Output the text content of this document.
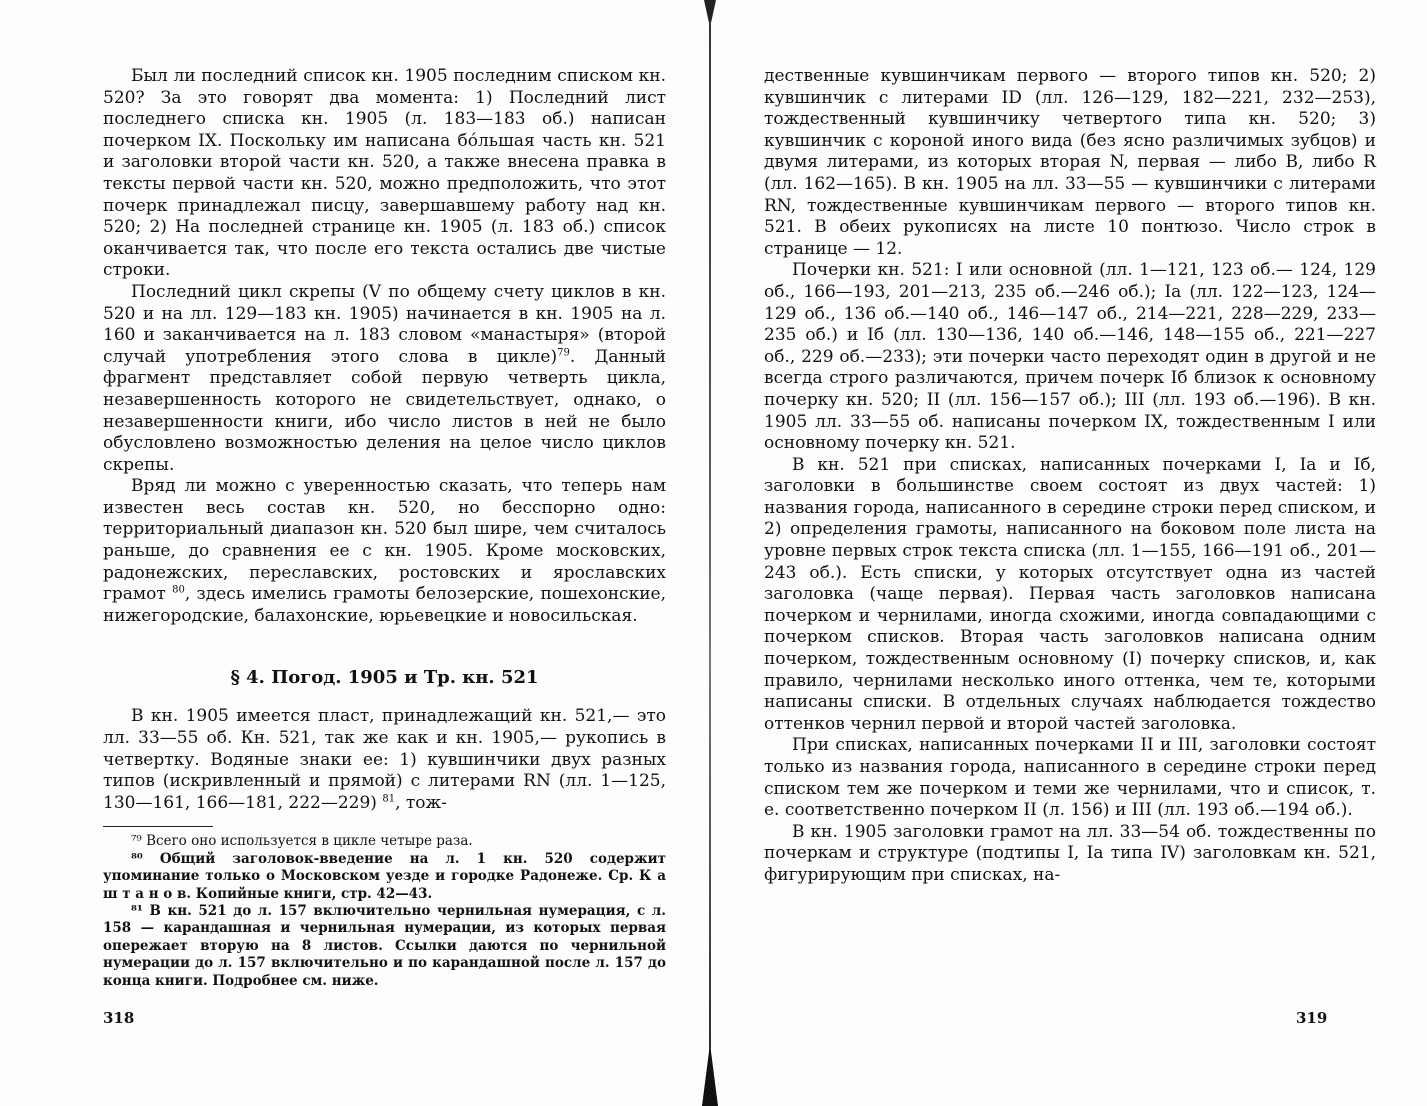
Был ли последний список кн. 1905 последним списком кн. 520? За это говорят два момента: 1) Последний лист последнего списка кн. 1905 (л. 183—183 об.) написан почерком IX. Поскольку им написана бо́льшая часть кн. 521 и заголовки второй части кн. 520, а также внесена правка в тексты первой части кн. 520, можно предположить, что этот почерк принадлежал писцу, завершавшему работу над кн. 520; 2) На последней странице кн. 1905 (л. 183 об.) список оканчивается так, что после его текста остались две чистые строки.

Последний цикл скрепы (V по общему счету циклов в кн. 520 и на лл. 129—183 кн. 1905) начинается в кн. 1905 на л. 160 и заканчивается на л. 183 словом «манастыря» (второй случай употребления этого слова в цикле)$^{79}$. Данный фрагмент представляет собой первую четверть цикла, незавершенность которого не свидетельствует, однако, о незавершенности книги, ибо число листов в ней не было обусловлено возможностью деления на целое число циклов скрепы.

Вряд ли можно с уверенностью сказать, что теперь нам известен весь состав кн. 520, но бесспорно одно: территориальный диапазон кн. 520 был шире, чем считалось раньше, до сравнения ее с кн. 1905. Кроме московских, радонежских, переславских, ростовских и ярославских грамот $^{80}$, здесь имелись грамоты белозерские, пошехонские, нижегородские, балахонские, юрьевецкие и новосильская.

§ 4. Погод. 1905 и Тр. кн. 521

В кн. 1905 имеется пласт, принадлежащий кн. 521,— это лл. 33—55 об. Кн. 521, так же как и кн. 1905,— рукопись в четвертку. Водяные знаки ее: 1) кувшинчики двух разных типов (искривленный и прямой) с литерами RN (лл. 1—125, 130—161, 166—181, 222—229) $^{81}$, тож-

⁷⁹ Всего оно используется в цикле четыре раза.

⁸⁰ Общий заголовок-введение на л. 1 кн. 520 содержит упоминание только о Московском уезде и городке Радонеже. Ср. К а ш т а н о в. Копийные книги, стр. 42—43.

⁸¹ В кн. 521 до л. 157 включительно чернильная нумерация, с л. 158 — карандашная и чернильная нумерации, из которых первая опережает вторую на 8 листов. Ссылки даются по чернильной нумерации до л. 157 включительно и по карандашной после л. 157 до конца книги. Подробнее см. ниже.

318

дественные кувшинчикам первого — второго типов кн. 520; 2) кувшинчик с литерами ID (лл. 126—129, 182—221, 232—253), тождественный кувшинчику четвертого типа кн. 520; 3) кувшинчик с короной иного вида (без ясно различимых зубцов) и двумя литерами, из которых вторая N, первая — либо B, либо R (лл. 162—165). В кн. 1905 на лл. 33—55 — кувшинчики с литерами RN, тождественные кувшинчикам первого — второго типов кн. 521. В обеих рукописях на листе 10 понтюзо. Число строк в странице — 12.

Почерки кн. 521: I или основной (лл. 1—121, 123 об.— 124, 129 об., 166—193, 201—213, 235 об.—246 об.); Iа (лл. 122—123, 124—129 об., 136 об.—140 об., 146—147 об., 214—221, 228—229, 233—235 об.) и Iб (лл. 130—136, 140 об.—146, 148—155 об., 221—227 об., 229 об.—233); эти почерки часто переходят один в другой и не всегда строго различаются, причем почерк Iб близок к основному почерку кн. 520; II (лл. 156—157 об.); III (лл. 193 об.—196). В кн. 1905 лл. 33—55 об. написаны почерком IX, тождественным I или основному почерку кн. 521.

В кн. 521 при списках, написанных почерками I, Iа и Iб, заголовки в большинстве своем состоят из двух частей: 1) названия города, написанного в середине строки перед списком, и 2) определения грамоты, написанного на боковом поле листа на уровне первых строк текста списка (лл. 1—155, 166—191 об., 201—243 об.). Есть списки, у которых отсутствует одна из частей заголовка (чаще первая). Первая часть заголовков написана почерком и чернилами, иногда схожими, иногда совпадающими с почерком списков. Вторая часть заголовков написана одним почерком, тождественным основному (I) почерку списков, и, как правило, чернилами несколько иного оттенка, чем те, которыми написаны списки. В отдельных случаях наблюдается тождество оттенков чернил первой и второй частей заголовка.

При списках, написанных почерками II и III, заголовки состоят только из названия города, написанного в середине строки перед списком тем же почерком и теми же чернилами, что и список, т. е. соответственно почерком II (л. 156) и III (лл. 193 об.—194 об.).

В кн. 1905 заголовки грамот на лл. 33—54 об. тождественны по почеркам и структуре (подтипы I, Iа типа IV) заголовкам кн. 521, фигурирующим при списках, на-

319
